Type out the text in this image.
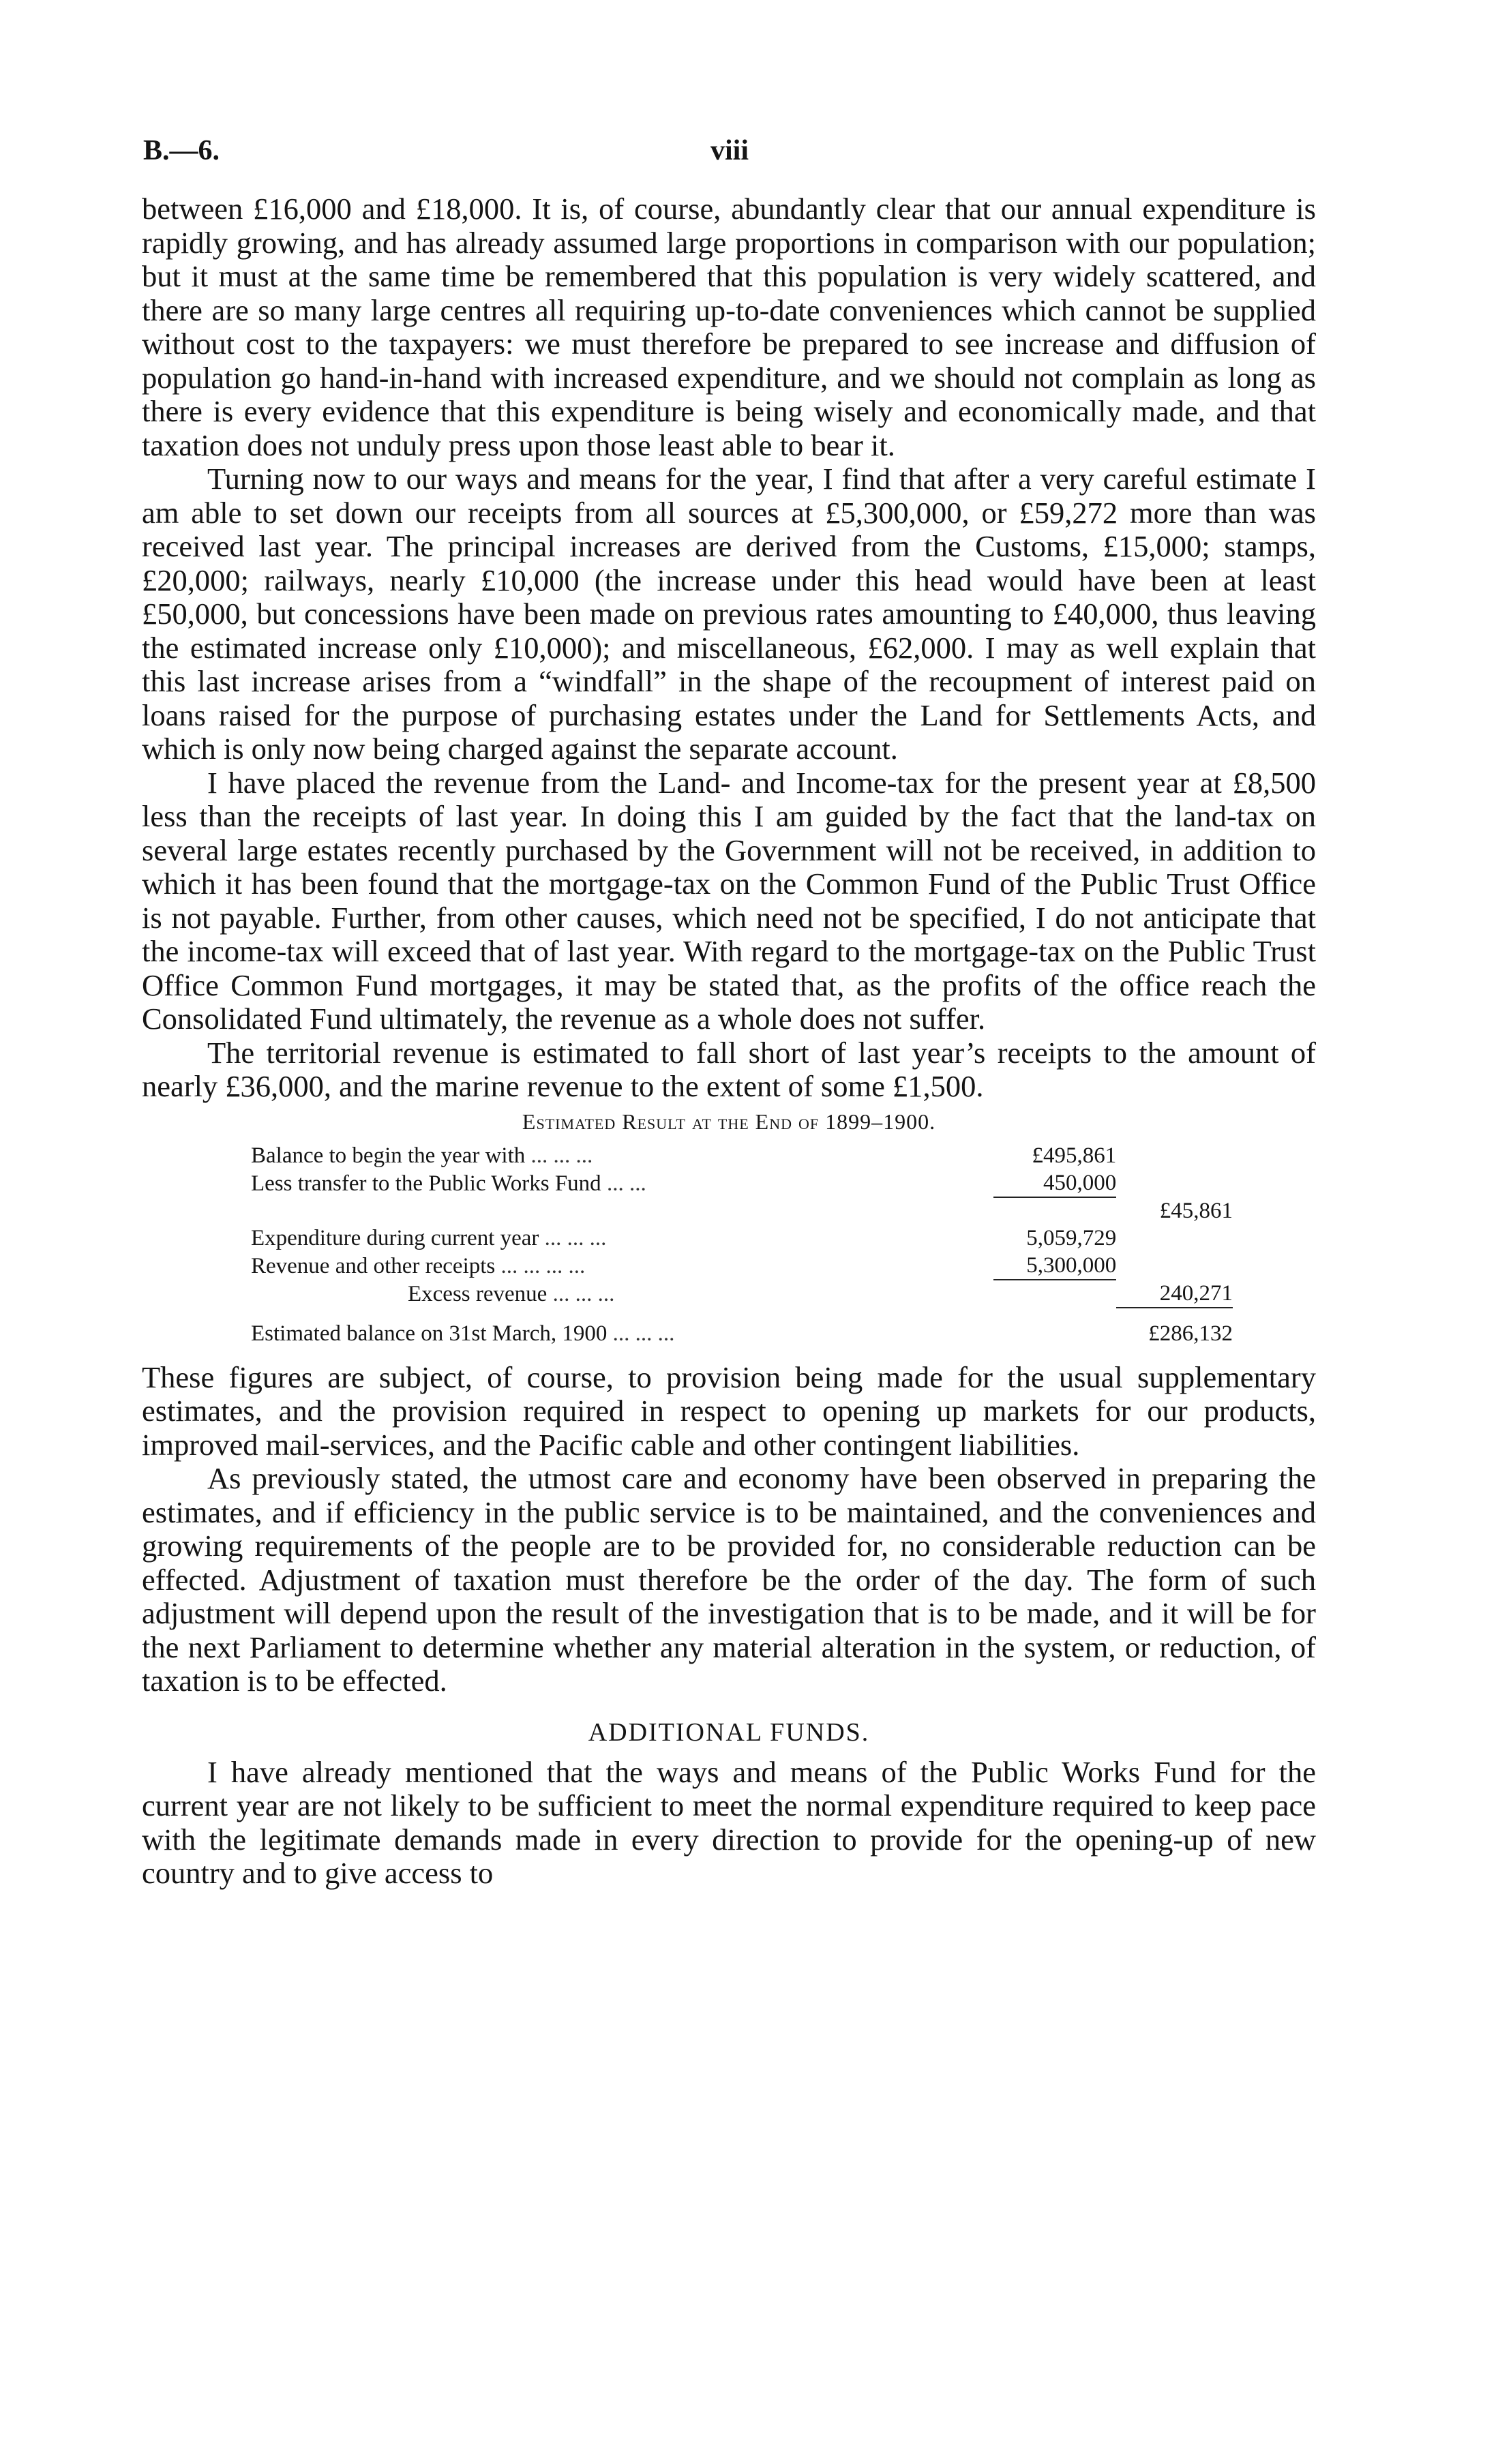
B.—6.	viii

between £16,000 and £18,000. It is, of course, abundantly clear that our annual expenditure is rapidly growing, and has already assumed large proportions in comparison with our population; but it must at the same time be remembered that this population is very widely scattered, and there are so many large centres all requiring up-to-date conveniences which cannot be supplied without cost to the taxpayers: we must therefore be prepared to see increase and diffusion of population go hand-in-hand with increased expenditure, and we should not complain as long as there is every evidence that this expenditure is being wisely and economically made, and that taxation does not unduly press upon those least able to bear it.

Turning now to our ways and means for the year, I find that after a very careful estimate I am able to set down our receipts from all sources at £5,300,000, or £59,272 more than was received last year. The principal increases are derived from the Customs, £15,000; stamps, £20,000; railways, nearly £10,000 (the increase under this head would have been at least £50,000, but concessions have been made on previous rates amounting to £40,000, thus leaving the estimated increase only £10,000); and miscellaneous, £62,000. I may as well explain that this last increase arises from a “windfall” in the shape of the recoupment of interest paid on loans raised for the purpose of purchasing estates under the Land for Settlements Acts, and which is only now being charged against the separate account.

I have placed the revenue from the Land- and Income-tax for the present year at £8,500 less than the receipts of last year. In doing this I am guided by the fact that the land-tax on several large estates recently purchased by the Government will not be received, in addition to which it has been found that the mortgage-tax on the Common Fund of the Public Trust Office is not payable. Further, from other causes, which need not be specified, I do not anticipate that the income-tax will exceed that of last year. With regard to the mortgage-tax on the Public Trust Office Common Fund mortgages, it may be stated that, as the profits of the office reach the Consolidated Fund ultimately, the revenue as a whole does not suffer.

The territorial revenue is estimated to fall short of last year’s receipts to the amount of nearly £36,000, and the marine revenue to the extent of some £1,500.

Estimated Result at the End of 1899–1900.
Balance to begin the year with ... ... ...	£495,861	
Less transfer to the Public Works Fund ... ...	450,000	
		£45,861
Expenditure during current year ... ... ...	5,059,729	
Revenue and other receipts ... ... ... ...	5,300,000	
Excess revenue ... ... ...		240,271
Estimated balance on 31st March, 1900 ... ... ...		£286,132

These figures are subject, of course, to provision being made for the usual supplementary estimates, and the provision required in respect to opening up markets for our products, improved mail-services, and the Pacific cable and other contingent liabilities.

As previously stated, the utmost care and economy have been observed in preparing the estimates, and if efficiency in the public service is to be maintained, and the conveniences and growing requirements of the people are to be provided for, no considerable reduction can be effected. Adjustment of taxation must therefore be the order of the day. The form of such adjustment will depend upon the result of the investigation that is to be made, and it will be for the next Parliament to determine whether any material alteration in the system, or reduction, of taxation is to be effected.

ADDITIONAL FUNDS.

I have already mentioned that the ways and means of the Public Works Fund for the current year are not likely to be sufficient to meet the normal expenditure required to keep pace with the legitimate demands made in every direction to provide for the opening-up of new country and to give access to
